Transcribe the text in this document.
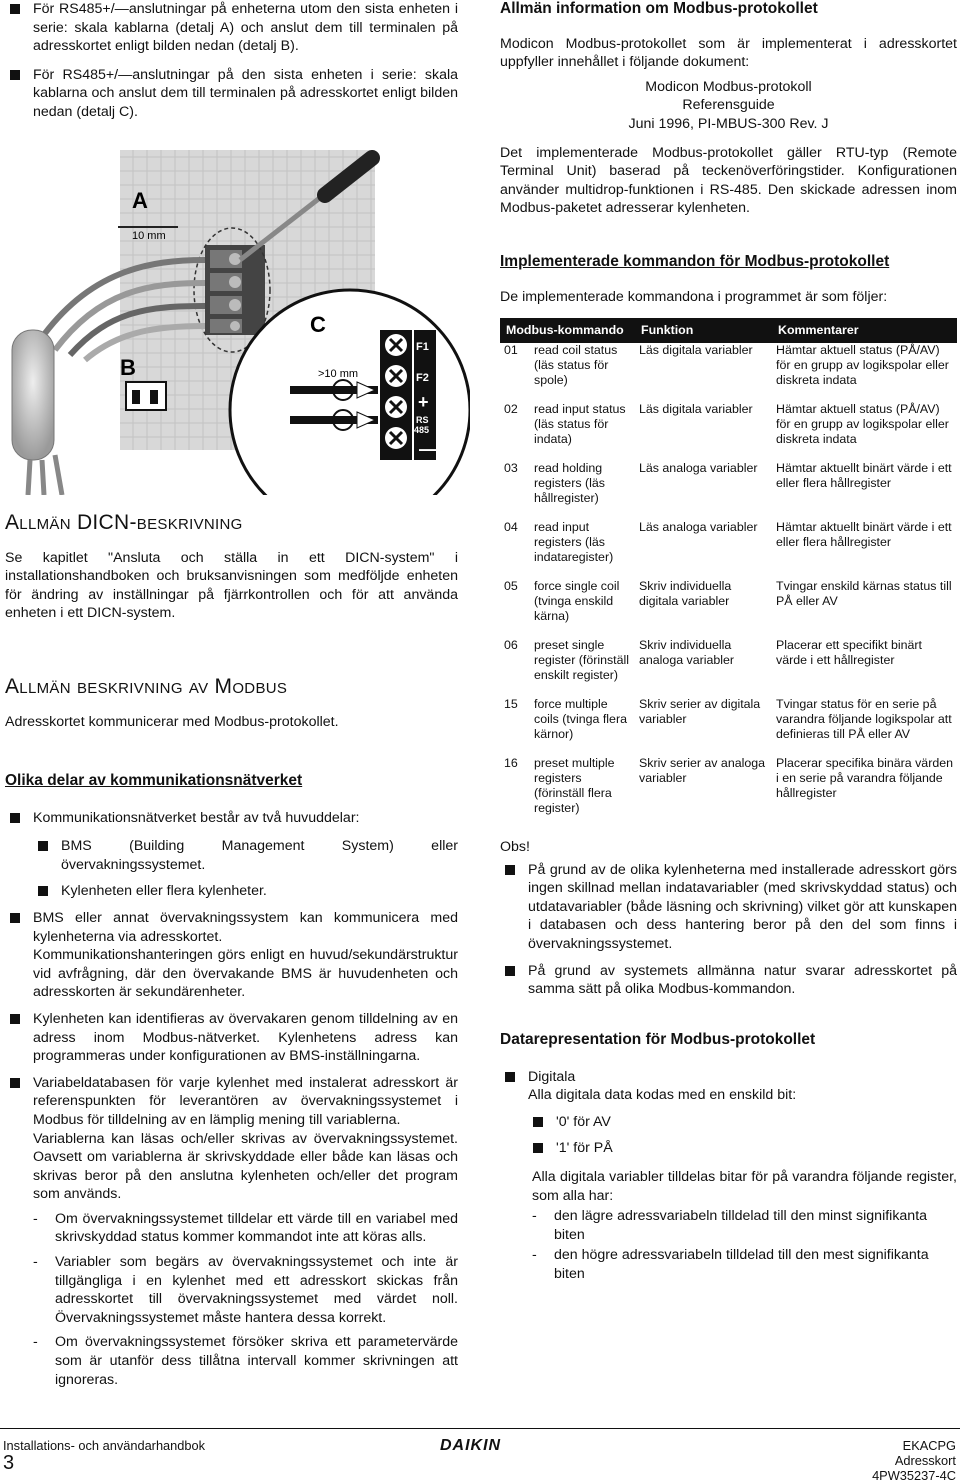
För RS485+/—anslutningar på enheterna utom den sista enheten i serie: skala kablarna (detalj A) och anslut dem till terminalen på adresskortet enligt bilden nedan (detalj B).
För RS485+/—anslutningar på den sista enheten i serie: skala kablarna och anslut dem till terminalen på adresskortet enligt bilden nedan (detalj C).
A
10 mm
B
C
>10 mm
F1
F2
+
RS
485
—
Allmän DICN-beskrivning

Se kapitlet "Ansluta och ställa in ett DICN-system" i installationshandboken och bruksanvisningen som medföljde enheten för ändring av inställningar på fjärrkontrollen och för att använda enheten i ett DICN-system.

Allmän beskrivning av Modbus

Adresskortet kommunicerar med Modbus-protokollet.

Olika delar av kommunikationsnätverket
Kommunikationsnätverket består av två huvuddelar:
BMS (Building Management System) eller övervakningssystemet.
Kylenheten eller flera kylenheter.
BMS eller annat övervakningssystem kan kommunicera med kylenheterna via adresskortet.
Kommunikationshanteringen görs enligt en huvud/sekundärstruktur vid avfrågning, där den övervakande BMS är huvudenheten och adresskorten är sekundärenheter.
Kylenheten kan identifieras av övervakaren genom tilldelning av en adress inom Modbus-nätverket. Kylenhetens adress kan programmeras under konfigurationen av BMS-inställningarna.
Variabeldatabasen för varje kylenhet med instalerat adresskort är referenspunkten för leverantören av övervakningssystemet i Modbus för tilldelning av en lämplig mening till variablerna.
Variablerna kan läsas och/eller skrivas av övervakningssystemet. Oavsett om variablerna är skrivskyddade eller både kan läsas och skrivas beror på den anslutna kylenheten och/eller det program som används.
- Om övervakningssystemet tilldelar ett värde till en variabel med skrivskyddad status kommer kommandot inte att köras alls.
- Variabler som begärs av övervakningssystemet och inte är tillgängliga i en kylenhet med ett adresskort skickas från adresskortet till övervakningssystemet med värdet noll. Övervakningssystemet måste hantera dessa korrekt.
- Om övervakningssystemet försöker skriva ett parametervärde som är utanför dess tillåtna intervall kommer skrivningen att ignoreras.
Allmän information om Modbus-protokollet

Modicon Modbus-protokollet som är implementerat i adresskortet uppfyller innehållet i följande dokument:

Modicon Modbus-protokoll
Referensguide
Juni 1996, PI-MBUS-300 Rev. J

Det implementerade Modbus-protokollet gäller RTU-typ (Remote Terminal Unit) baserad på teckenöverföringstider. Konfigurationen använder multidrop-funktionen i RS-485. Den skickade adressen inom Modbus-paketet adresserar kylenheten.

Implementerade kommandon för Modbus-protokollet

De implementerade kommandona i programmet är som följer:

Modbus-kommando		Funktion	Kommentarer
01	read coil status (läs status för spole)	Läs digitala variabler	Hämtar aktuell status (PÅ/AV) för en grupp av logikspolar eller diskreta indata
02	read input status (läs status för indata)	Läs digitala variabler	Hämtar aktuell status (PÅ/AV) för en grupp av logikspolar eller diskreta indata
03	read holding registers (läs hållregister)	Läs analoga variabler	Hämtar aktuellt binärt värde i ett eller flera hållregister
04	read input registers (läs indataregister)	Läs analoga variabler	Hämtar aktuellt binärt värde i ett eller flera hållregister
05	force single coil (tvinga enskild kärna)	Skriv individuella digitala variabler	Tvingar enskild kärnas status till PÅ eller AV
06	preset single register (förinställ enskilt register)	Skriv individuella analoga variabler	Placerar ett specifikt binärt värde i ett hållregister
15	force multiple coils (tvinga flera kärnor)	Skriv serier av digitala variabler	Tvingar status för en serie på varandra följande logikspolar att definieras till PÅ eller AV
16	preset multiple registers (förinställ flera register)	Skriv serier av analoga variabler	Placerar specifika binära värden i en serie på varandra följande hållregister
Obs!
På grund av de olika kylenheterna med installerade adresskort görs ingen skillnad mellan indatavariabler (med skrivskyddad status) och utdatavariabler (både läsning och skrivning) vilket gör att kunskapen i databasen och dess hantering beror på den del som finns i övervakningssystemet.
På grund av systemets allmänna natur svarar adresskortet på samma sätt på olika Modbus-kommandon.
Datarepresentation för Modbus-protokollet
Digitala
Alla digitala data kodas med en enskild bit:
'0' för AV
'1' för PÅ

Alla digitala variabler tilldelas bitar för på varandra följande register, som alla har:

- den lägre adressvariabeln tilldelad till den minst signifikanta biten
- den högre adressvariabeln tilldelad till den mest signifikanta biten
Installations- och användarhandbok
3
DAIKIN	EKACPG
Adresskort
4PW35237-4C
